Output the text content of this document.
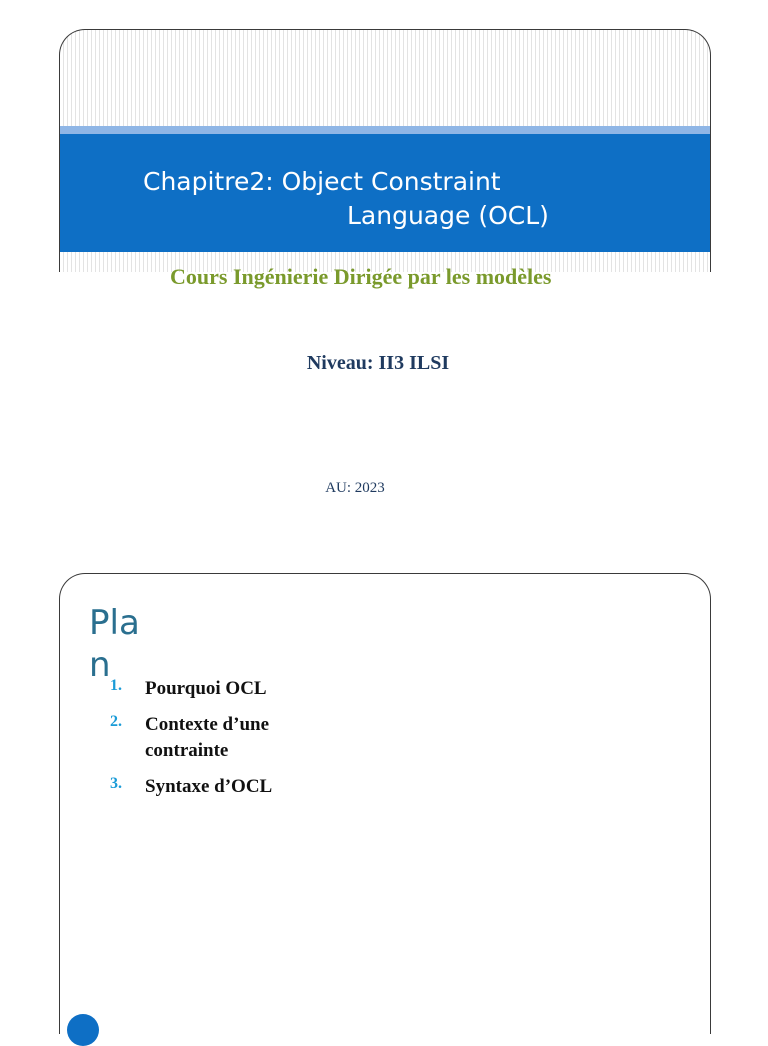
Chapitre2: Object Constraint
Language (OCL)
Cours Ingénierie Dirigée par les modèles
Niveau: II3 ILSI
AU: 2023
Plan
1. Pourquoi OCL
2. Contexte d’une contrainte
3. Syntaxe d’OCL
